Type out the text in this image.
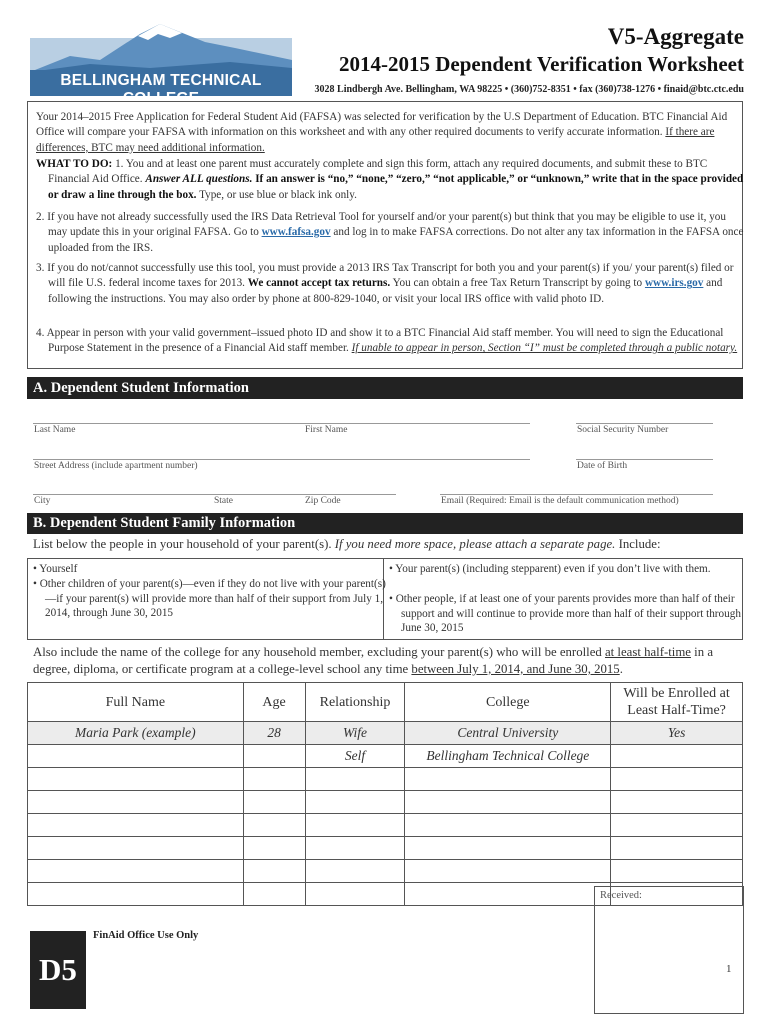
BELLINGHAM TECHNICAL COLLEGE
V5-Aggregate
2014-2015 Dependent Verification Worksheet
3028 Lindbergh Ave. Bellingham, WA 98225 • (360)752-8351 • fax (360)738-1276 • finaid@btc.ctc.edu

Your 2014–2015 Free Application for Federal Student Aid (FAFSA) was selected for verification by the U.S Department of Education. BTC Financial Aid Office will compare your FAFSA with information on this worksheet and with any other required documents to verify accurate information. If there are differences, BTC may need additional information.

WHAT TO DO: 1. You and at least one parent must accurately complete and sign this form, attach any required documents, and submit these to BTC Financial Aid Office. Answer ALL questions. If an answer is “no,” “none,” “zero,” “not applicable,” or “unknown,” write that in the space provided or draw a line through the box. Type, or use blue or black ink only.

2. If you have not already successfully used the IRS Data Retrieval Tool for yourself and/or your parent(s) but think that you may be eligible to use it, you may update this in your original FAFSA. Go to www.fafsa.gov and log in to make FAFSA corrections. Do not alter any tax information in the FAFSA once uploaded from the IRS.

3. If you do not/cannot successfully use this tool, you must provide a 2013 IRS Tax Transcript for both you and your parent(s) if you/ your parent(s) filed or will file U.S. federal income taxes for 2013. We cannot accept tax returns. You can obtain a free Tax Return Transcript by going to www.irs.gov and following the instructions. You may also order by phone at 800-829-1040, or visit your local IRS office with valid photo ID.

4. Appear in person with your valid government–issued photo ID and show it to a BTC Financial Aid staff member. You will need to sign the Educational Purpose Statement in the presence of a Financial Aid staff member. If unable to appear in person, Section “I” must be completed through a public notary.

A. Dependent Student Information
Last Name	First Name	Social Security Number
Street Address (include apartment number)	Date of Birth
City	State	Zip Code	Email (Required: Email is the default communication method)
B. Dependent Student Family Information
List below the people in your household of your parent(s). If you need more space, please attach a separate page. Include:

• Yourself

• Other children of your parent(s)—even if they do not live with your parent(s)—if your parent(s) will provide more than half of their support from July 1, 2014, through June 30, 2015

• Your parent(s) (including stepparent) even if you don’t live with them.

• Other people, if at least one of your parents provides more than half of their support and will continue to provide more than half of their support through June 30, 2015

Also include the name of the college for any household member, excluding your parent(s) who will be enrolled at least half-time in a degree, diploma, or certificate program at a college-level school any time between July 1, 2014, and June 30, 2015.
Full Name	Age	Relationship	College	Will be Enrolled at Least Half-Time?
Maria Park (example)	28	Wife	Central University	Yes
		Self	Bellingham Technical College	

Received:
D5
FinAid Office Use Only
1
